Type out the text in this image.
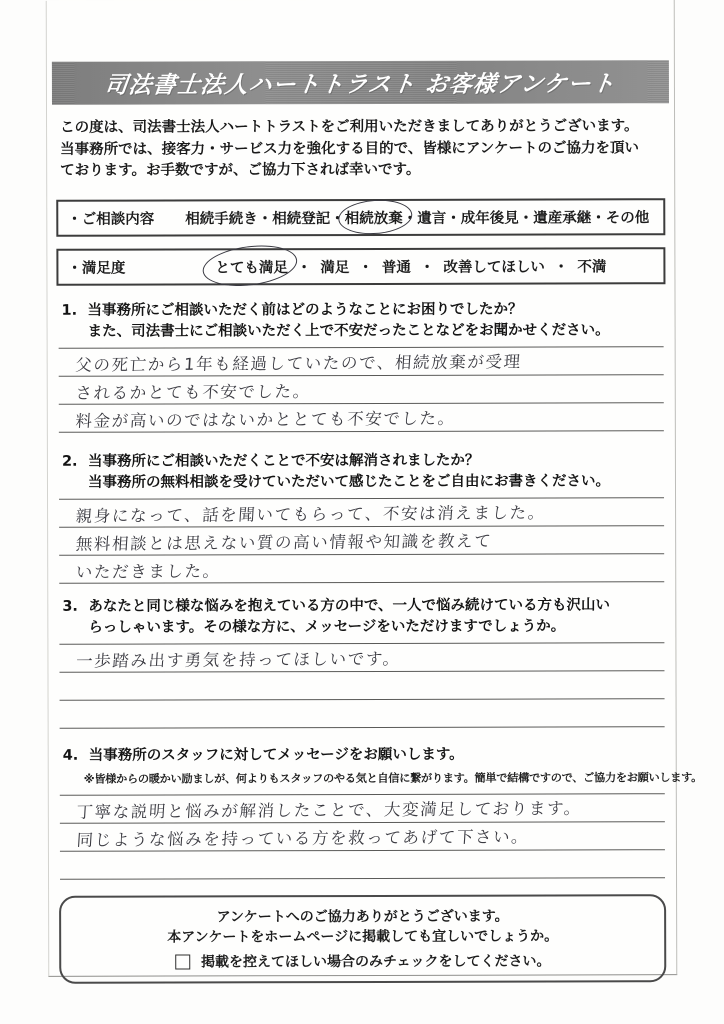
司法書士法人ハートトラスト お客様アンケート
この度は、司法書士法人ハートトラストをご利用いただきましてありがとうございます。
当事務所では、接客力・サービス力を強化する目的で、皆様にアンケートのご協力を頂い
ております。お手数ですが、ご協力下されば幸いです。
・ご相談内容	相続手続き ・ 相続登記 ・ 相続放棄 ・ 遺言 ・ 成年後見 ・ 遺産承継 ・ その他
・満足度	とても満足 ・ 満足 ・ 普通 ・ 改善してほしい ・ 不満
1. 当事務所にご相談いただく前はどのようなことにお困りでしたか？
また、司法書士にご相談いただく上で不安だったことなどをお聞かせください。
父の死亡から1年も経過していたので、相続放棄が受理
されるかとても不安でした。
料金が高いのではないかととても不安でした。
2. 当事務所にご相談いただくことで不安は解消されましたか？
当事務所の無料相談を受けていただいて感じたことをご自由にお書きください。
親身になって、話を聞いてもらって、不安は消えました。
無料相談とは思えない質の高い情報や知識を教えて
いただきました。
3. あなたと同じ様な悩みを抱えている方の中で、一人で悩み続けている方も沢山い
らっしゃいます。その様な方に、メッセージをいただけますでしょうか。
一歩踏み出す勇気を持ってほしいです。
4. 当事務所のスタッフに対してメッセージをお願いします。
※皆様からの暖かい励ましが、何よりもスタッフのやる気と自信に繋がります。簡単で結構ですので、ご協力をお願いします。
丁寧な説明と悩みが解消したことで、大変満足しております。
同じような悩みを持っている方を救ってあげて下さい。
アンケートへのご協力ありがとうございます。
本アンケートをホームページに掲載しても宜しいでしょうか。
掲載を控えてほしい場合のみチェックをしてください。
